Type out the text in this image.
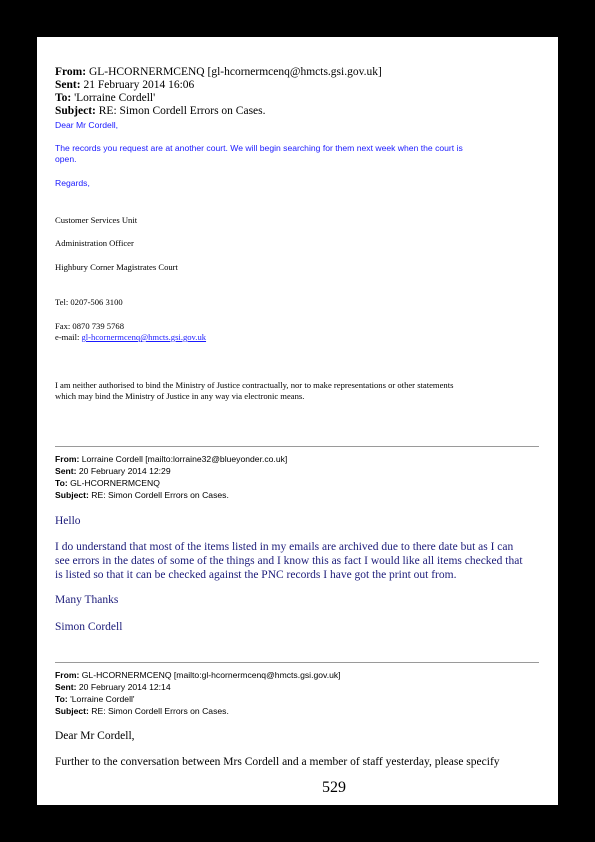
From: GL-HCORNERMCENQ [gl-hcornermcenq@hmcts.gsi.gov.uk]
Sent: 21 February 2014 16:06
To: 'Lorraine Cordell'
Subject: RE: Simon Cordell Errors on Cases.
Dear Mr Cordell,
The records you request are at another court. We will begin searching for them next week when the court is
open.
Regards,
Customer Services Unit
Administration Officer
Highbury Corner Magistrates Court
Tel: 0207-506 3100
Fax: 0870 739 5768
e-mail: gl-hcornermcenq@hmcts.gsi.gov.uk
I am neither authorised to bind the Ministry of Justice contractually, nor to make representations or other statements
which may bind the Ministry of Justice in any way via electronic means.
From: Lorraine Cordell [mailto:lorraine32@blueyonder.co.uk]
Sent: 20 February 2014 12:29
To: GL-HCORNERMCENQ
Subject: RE: Simon Cordell Errors on Cases.
Hello
I do understand that most of the items listed in my emails are archived due to there date but as I can
see errors in the dates of some of the things and I know this as fact I would like all items checked that
is listed so that it can be checked against the PNC records I have got the print out from.
Many Thanks
Simon Cordell
From: GL-HCORNERMCENQ [mailto:gl-hcornermcenq@hmcts.gsi.gov.uk]
Sent: 20 February 2014 12:14
To: 'Lorraine Cordell'
Subject: RE: Simon Cordell Errors on Cases.
Dear Mr Cordell,
Further to the conversation between Mrs Cordell and a member of staff yesterday, please specify
529
